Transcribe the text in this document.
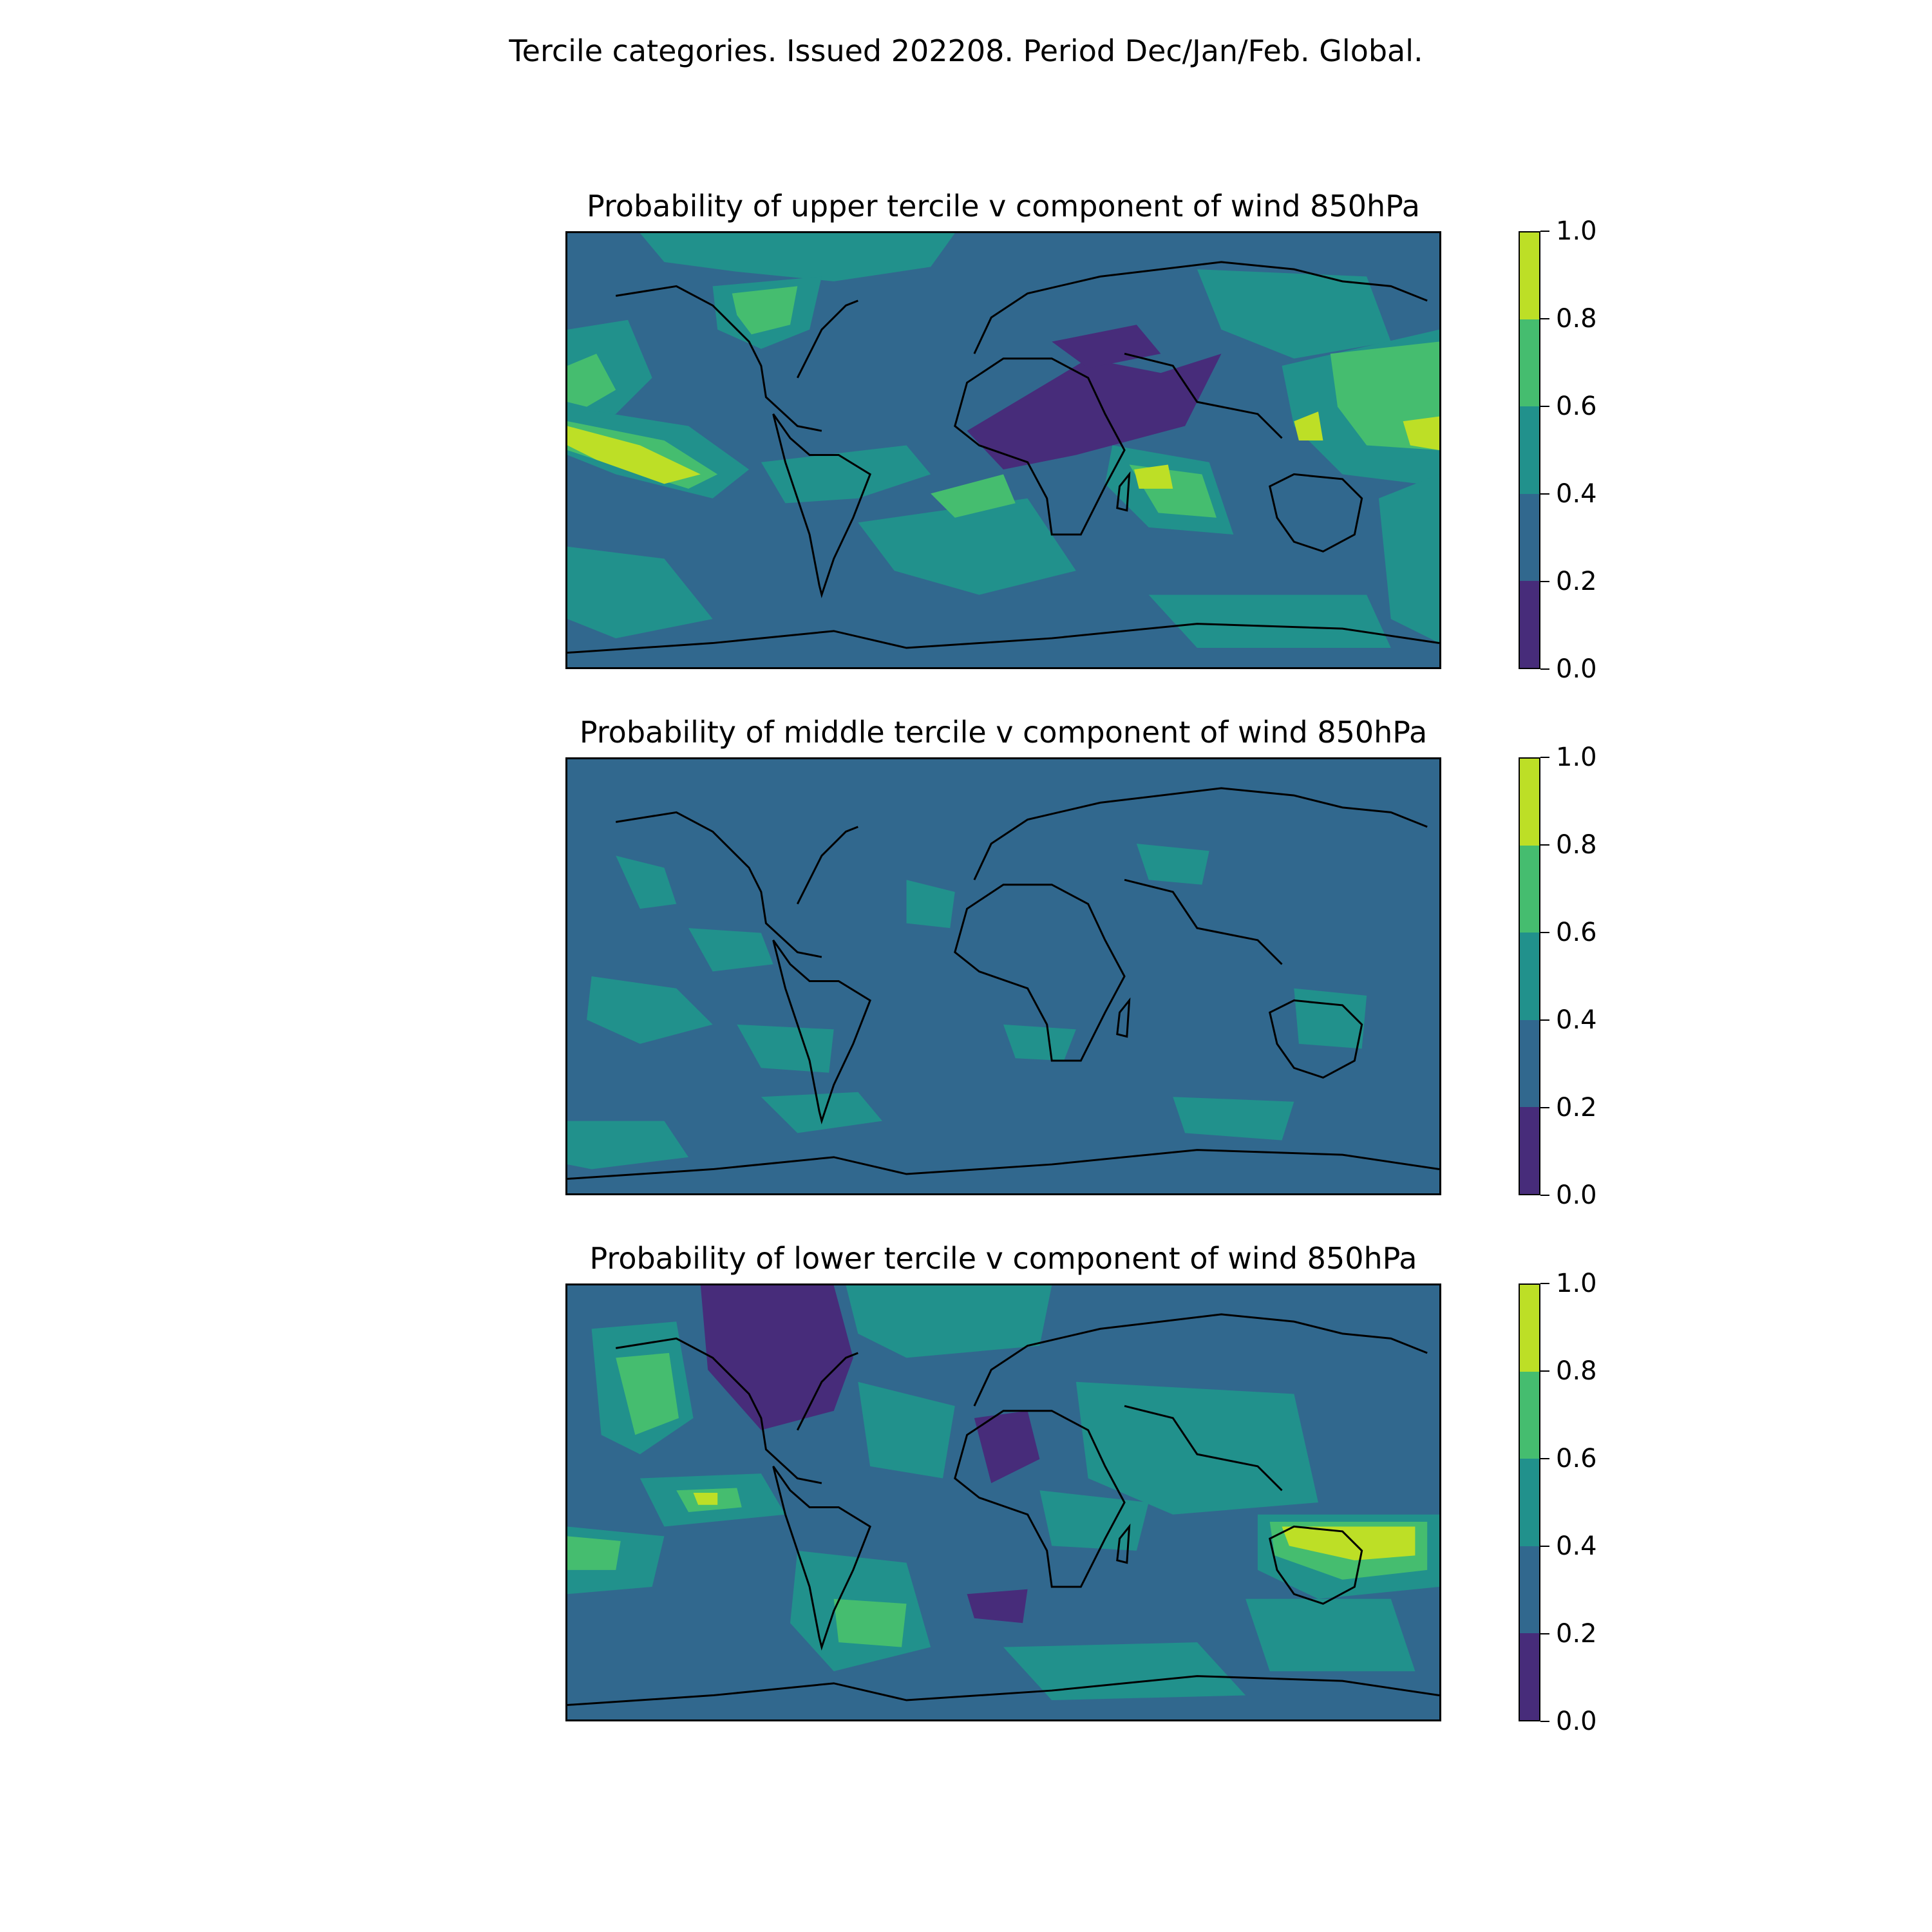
Tercile categories. Issued 202208. Period Dec/Jan/Feb. Global.
Probability of upper tercile v component of wind 850hPa
1.0
0.8
0.6
0.4
0.2
0.0
Probability of middle tercile v component of wind 850hPa
1.0
0.8
0.6
0.4
0.2
0.0
Probability of lower tercile v component of wind 850hPa
1.0
0.8
0.6
0.4
0.2
0.0
